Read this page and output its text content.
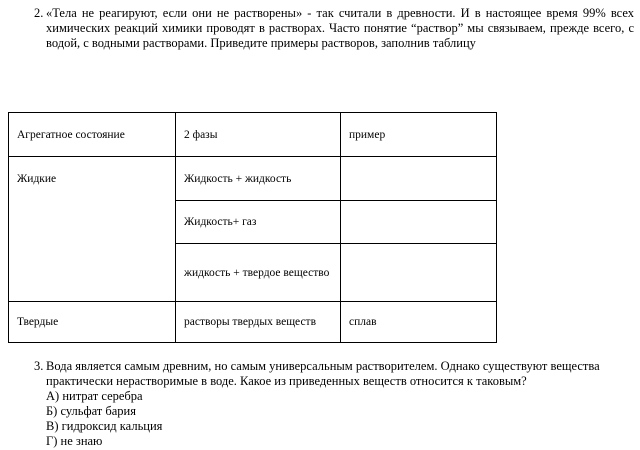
2. «Тела не реагируют, если они не растворены» - так считали в древности. И в настоящее время 99% всех химических реакций химики проводят в растворах. Часто понятие “раствор” мы связываем, прежде всего, с водой, с водными растворами. Приведите примеры растворов, заполнив таблицу
Агрегатное состояние	2 фазы	пример
Жидкие	Жидкость + жидкость	
	Жидкость+ газ	
	жидкость + твердое вещество	
Твердые	растворы твердых веществ	сплав
3. Вода является самым древним, но самым универсальным растворителем. Однако существуют вещества практически нерастворимые в воде. Какое из приведенных веществ относится к таковым?
А) нитрат серебра
Б) сульфат бария
В) гидроксид кальция
Г) не знаю
